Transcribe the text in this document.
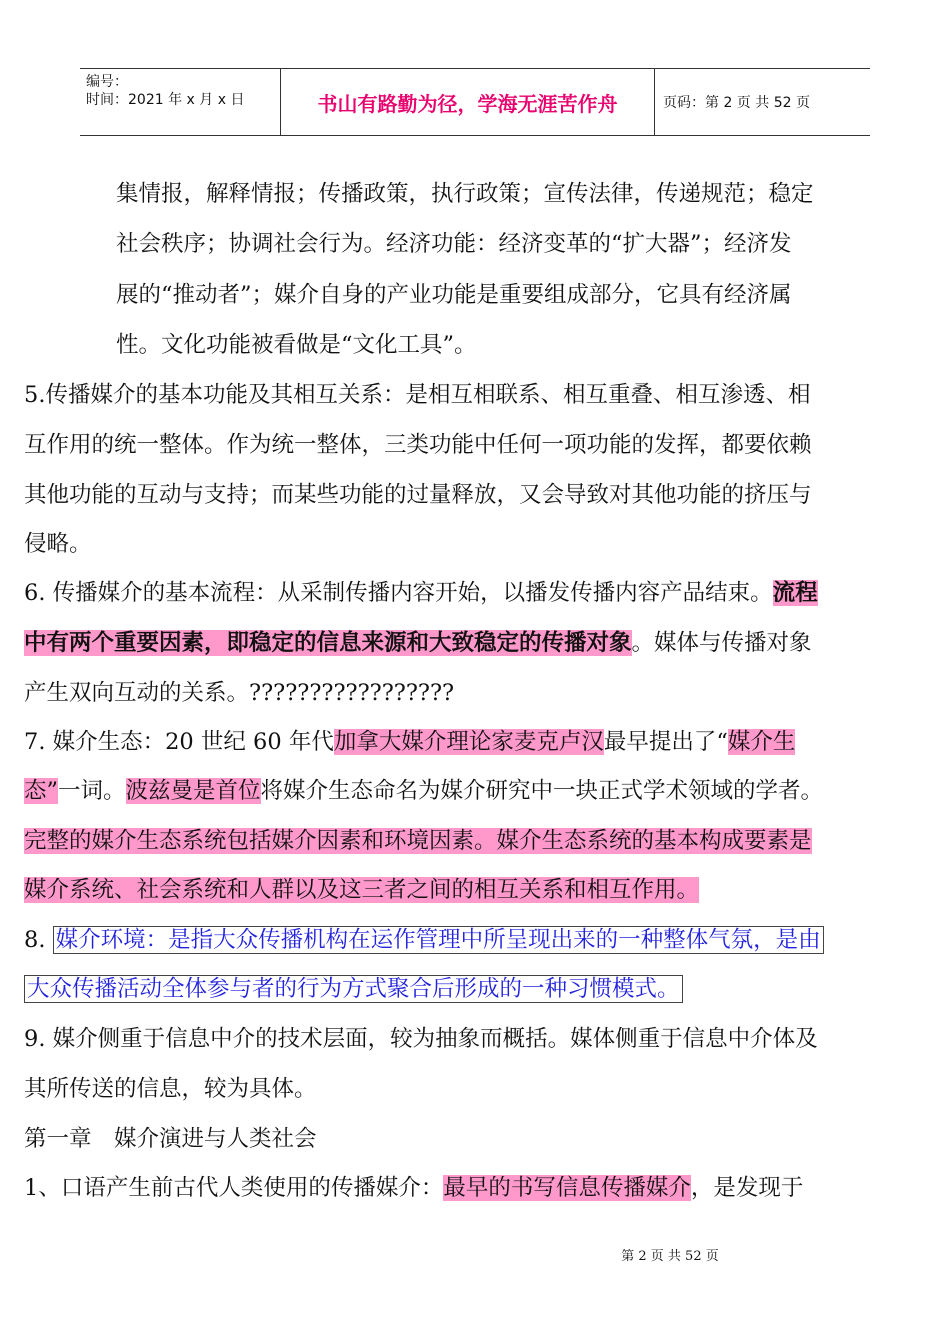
编号：
时间：2021 年 x 月 x 日	书山有路勤为径，学海无涯苦作舟	页码：第 2 页 共 52 页
集情报，解释情报；传播政策，执行政策；宣传法律，传递规范；稳定
社会秩序；协调社会行为。经济功能：经济变革的“扩大器”；经济发
展的“推动者”；媒介自身的产业功能是重要组成部分，它具有经济属
性。文化功能被看做是“文化工具”。
5.传播媒介的基本功能及其相互关系：是相互相联系、相互重叠、相互渗透、相
互作用的统一整体。作为统一整体，三类功能中任何一项功能的发挥，都要依赖
其他功能的互动与支持；而某些功能的过量释放，又会导致对其他功能的挤压与
侵略。
6. 传播媒介的基本流程：从采制传播内容开始，以播发传播内容产品结束。流程
中有两个重要因素，即稳定的信息来源和大致稳定的传播对象。媒体与传播对象
产生双向互动的关系。?????????????????
7. 媒介生态：20 世纪 60 年代加拿大媒介理论家麦克卢汉最早提出了“媒介生
态”一词。波兹曼是首位将媒介生态命名为媒介研究中一块正式学术领域的学者。
完整的媒介生态系统包括媒介因素和环境因素。媒介生态系统的基本构成要素是
媒介系统、社会系统和人群以及这三者之间的相互关系和相互作用。
8. 媒介环境：是指大众传播机构在运作管理中所呈现出来的一种整体气氛，是由
大众传播活动全体参与者的行为方式聚合后形成的一种习惯模式。
9. 媒介侧重于信息中介的技术层面，较为抽象而概括。媒体侧重于信息中介体及
其所传送的信息，较为具体。
第一章　媒介演进与人类社会
1、口语产生前古代人类使用的传播媒介：最早的书写信息传播媒介，是发现于
第 2 页 共 52 页
